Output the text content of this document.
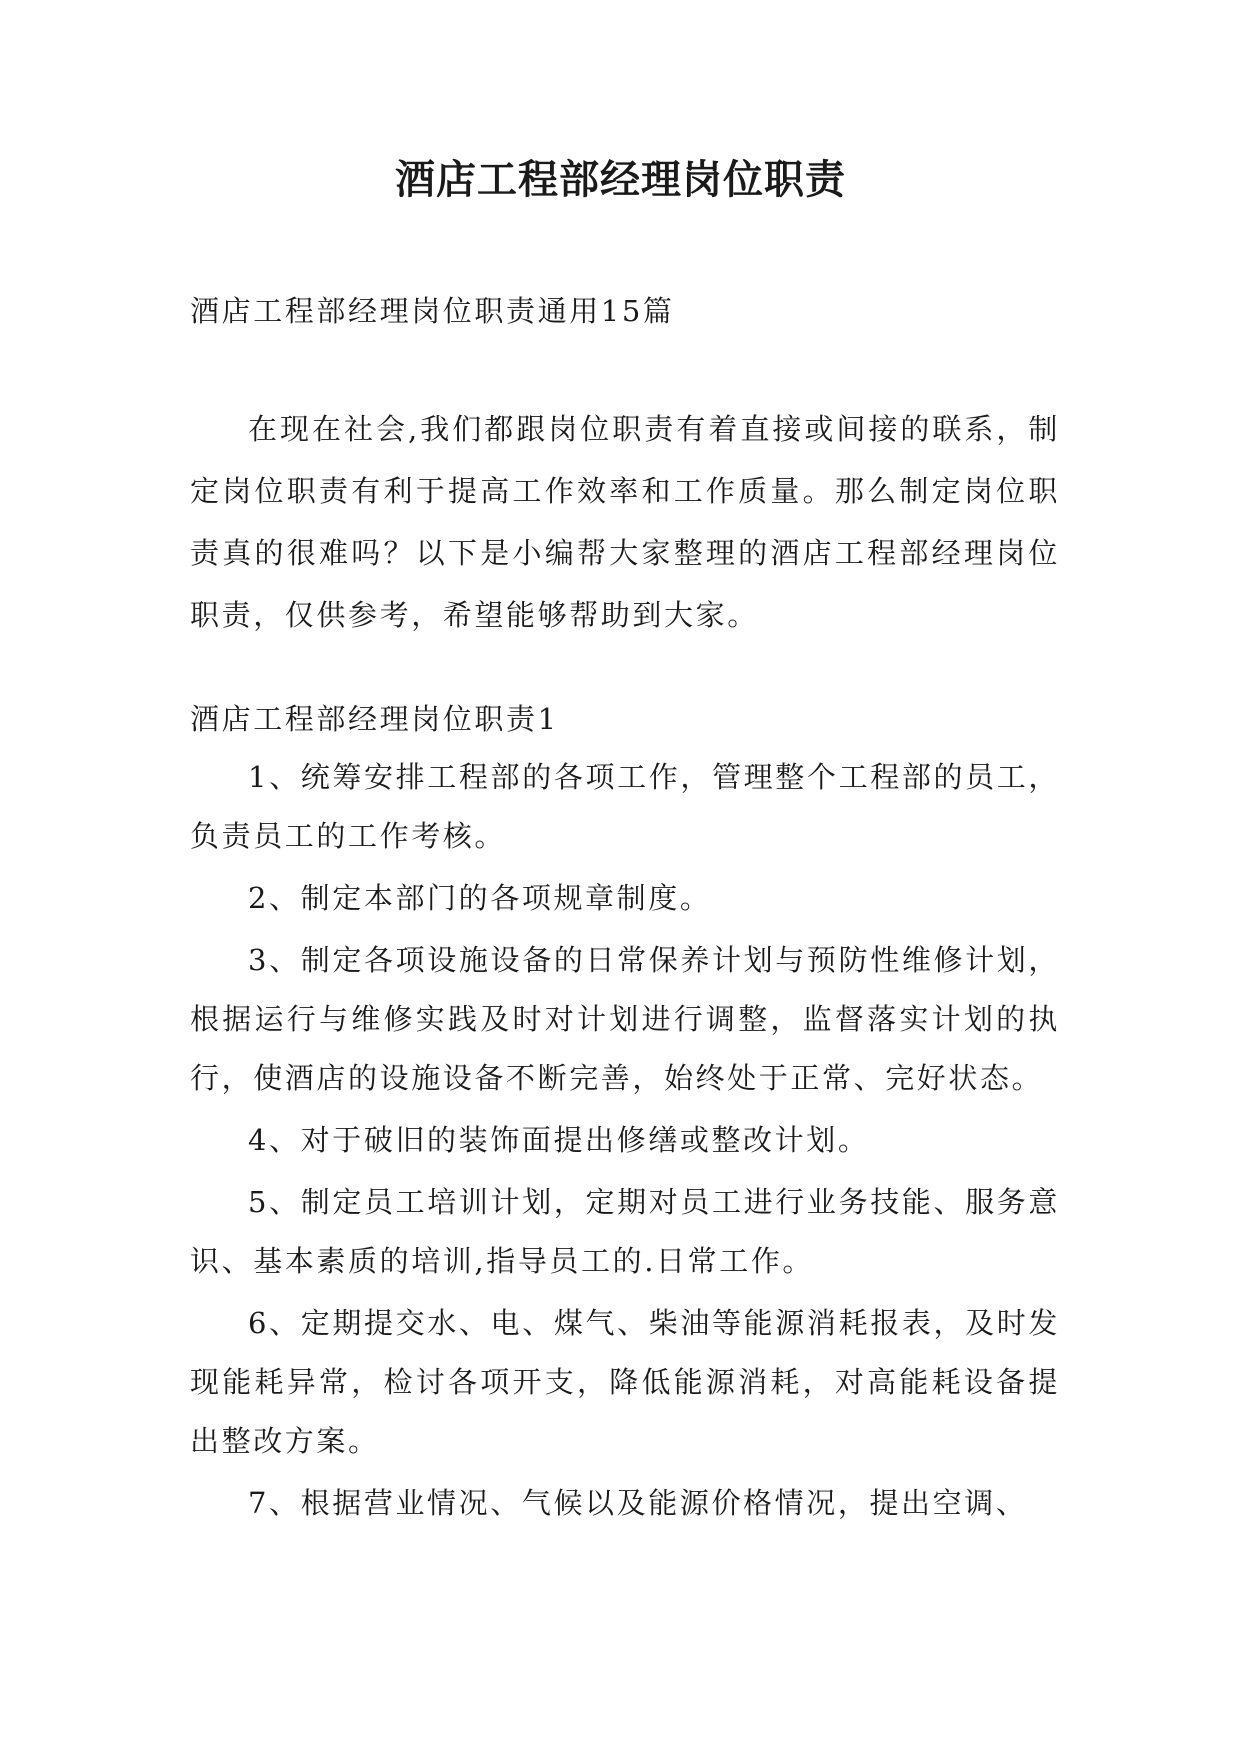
酒店工程部经理岗位职责

酒店工程部经理岗位职责通用15篇

在现在社会,我们都跟岗位职责有着直接或间接的联系，制定岗位职责有利于提高工作效率和工作质量。那么制定岗位职责真的很难吗？以下是小编帮大家整理的酒店工程部经理岗位职责，仅供参考，希望能够帮助到大家。

酒店工程部经理岗位职责1

1、统筹安排工程部的各项工作，管理整个工程部的员工，负责员工的工作考核。
2、制定本部门的各项规章制度。
3、制定各项设施设备的日常保养计划与预防性维修计划，根据运行与维修实践及时对计划进行调整，监督落实计划的执行，使酒店的设施设备不断完善，始终处于正常、完好状态。
4、对于破旧的装饰面提出修缮或整改计划。
5、制定员工培训计划，定期对员工进行业务技能、服务意识、基本素质的培训,指导员工的.日常工作。
6、定期提交水、电、煤气、柴油等能源消耗报表，及时发现能耗异常，检讨各项开支，降低能源消耗，对高能耗设备提出整改方案。
7、根据营业情况、气候以及能源价格情况，提出空调、
